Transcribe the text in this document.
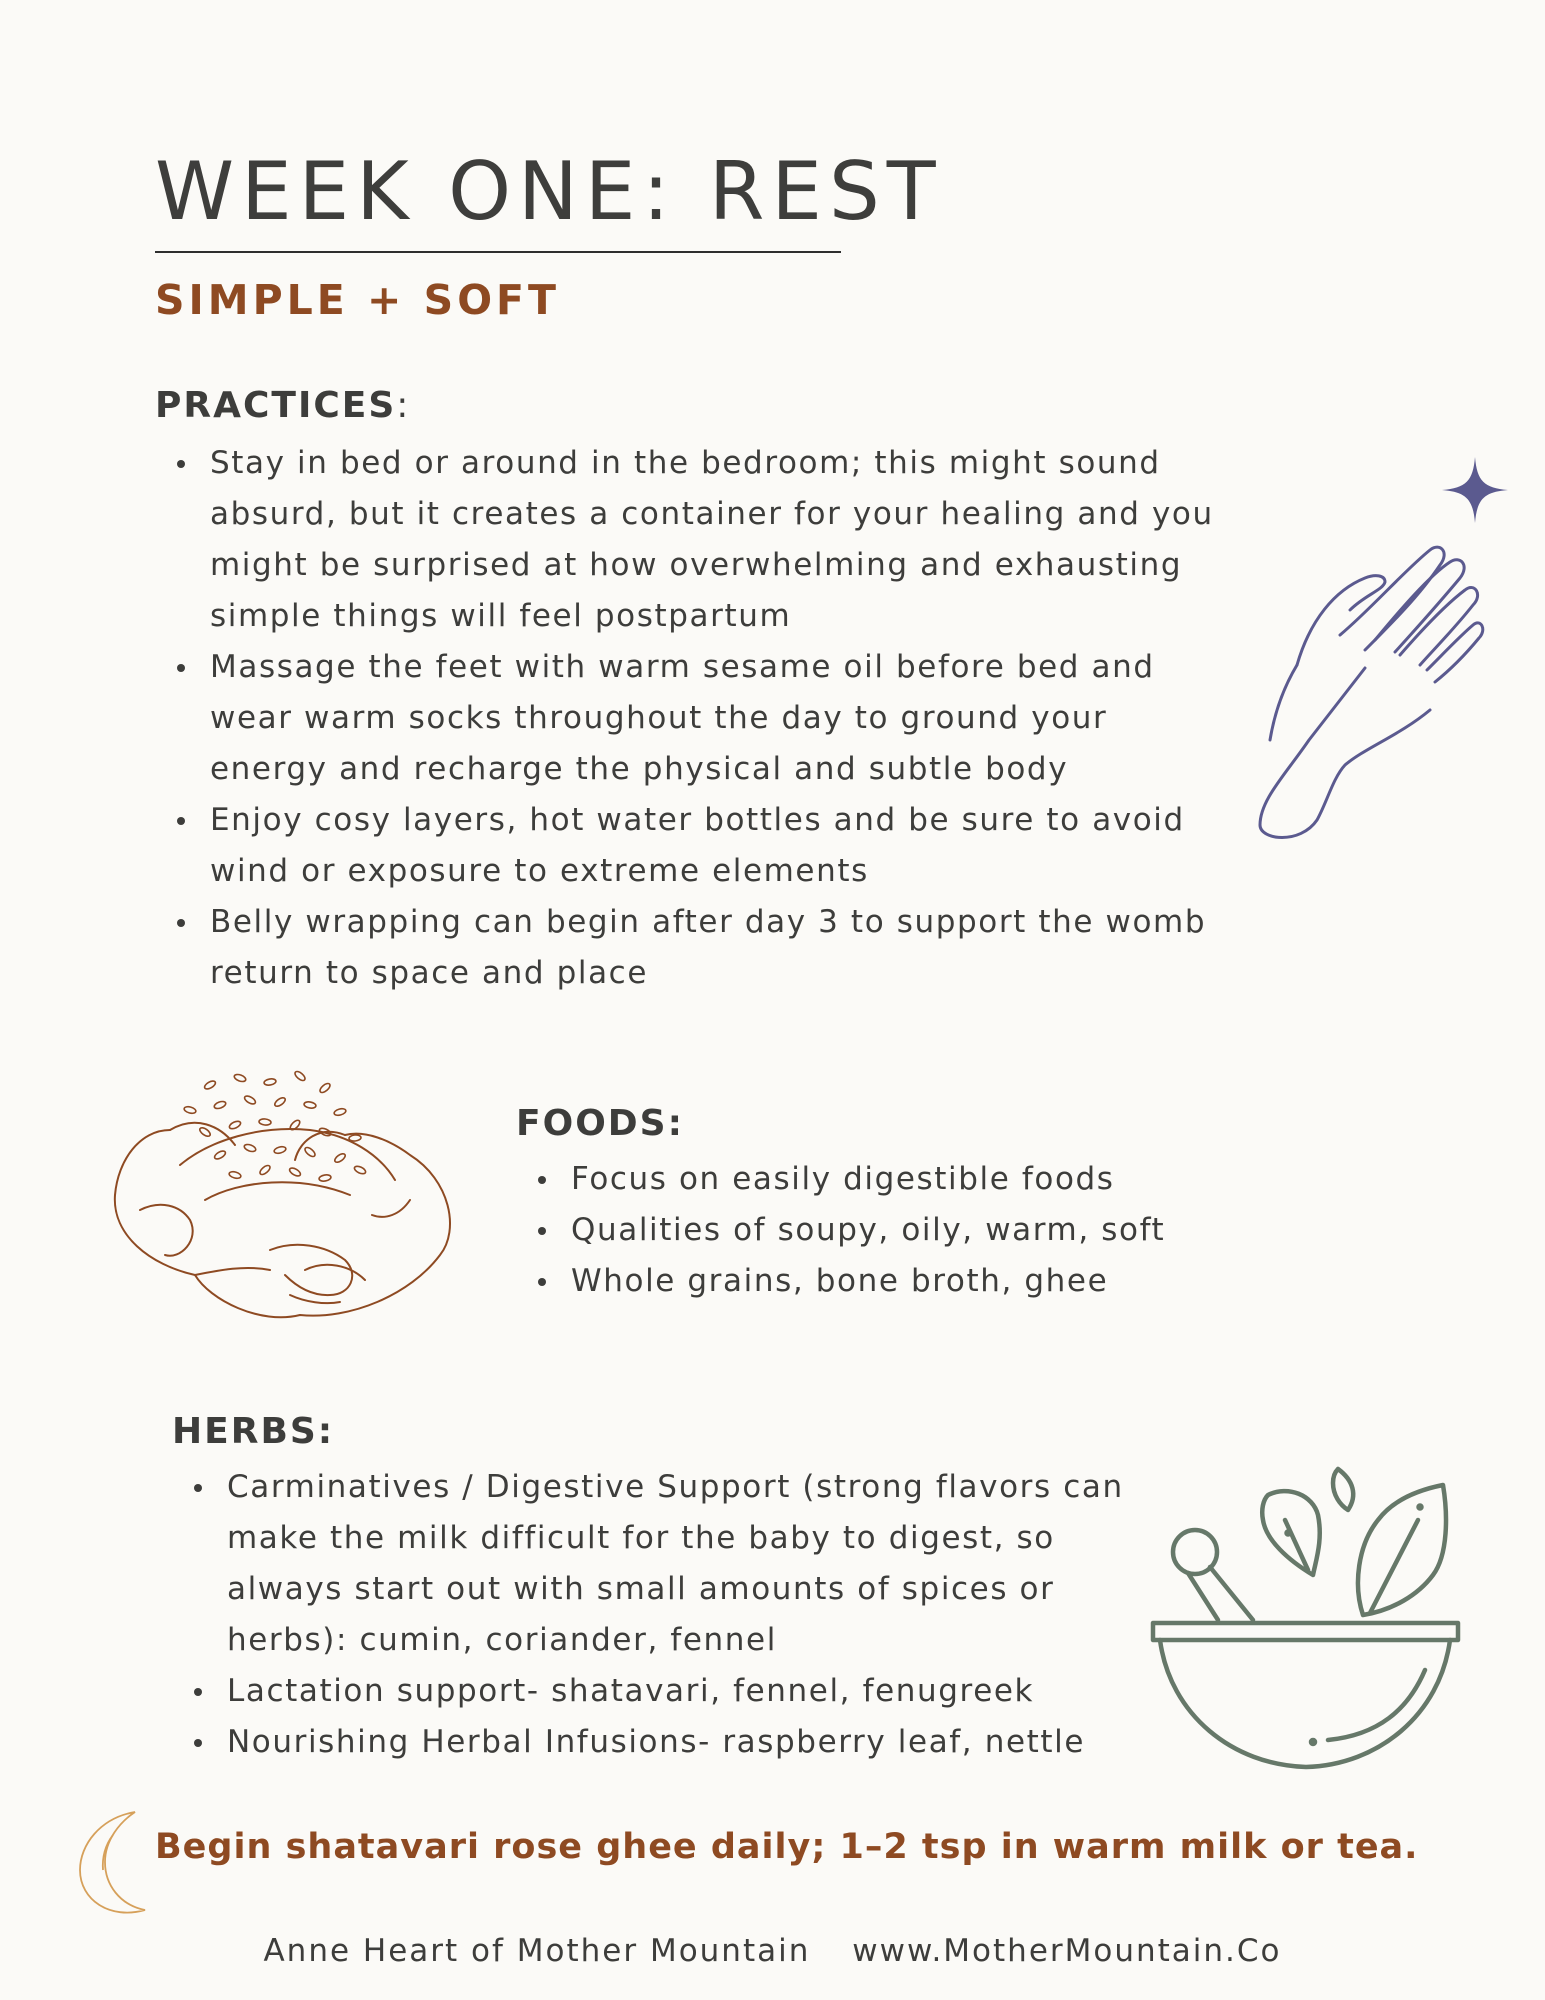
WEEK ONE: REST
SIMPLE + SOFT
PRACTICES:
Stay in bed or around in the bedroom; this might sound absurd, but it creates a container for your healing and you might be surprised at how overwhelming and exhausting simple things will feel postpartum
Massage the feet with warm sesame oil before bed and wear warm socks throughout the day to ground your energy and recharge the physical and subtle body
Enjoy cosy layers, hot water bottles and be sure to avoid wind or exposure to extreme elements
Belly wrapping can begin after day 3 to support the womb return to space and place
FOODS:
Focus on easily digestible foods
Qualities of soupy, oily, warm, soft
Whole grains, bone broth, ghee
HERBS:
Carminatives / Digestive Support (strong flavors can make the milk difficult for the baby to digest, so always start out with small amounts of spices or herbs): cumin, coriander, fennel
Lactation support- shatavari, fennel, fenugreek
Nourishing Herbal Infusions- raspberry leaf, nettle
Begin shatavari rose ghee daily; 1–2 tsp in warm milk or tea.
Anne Heart of Mother Mountain www.MotherMountain.Co
